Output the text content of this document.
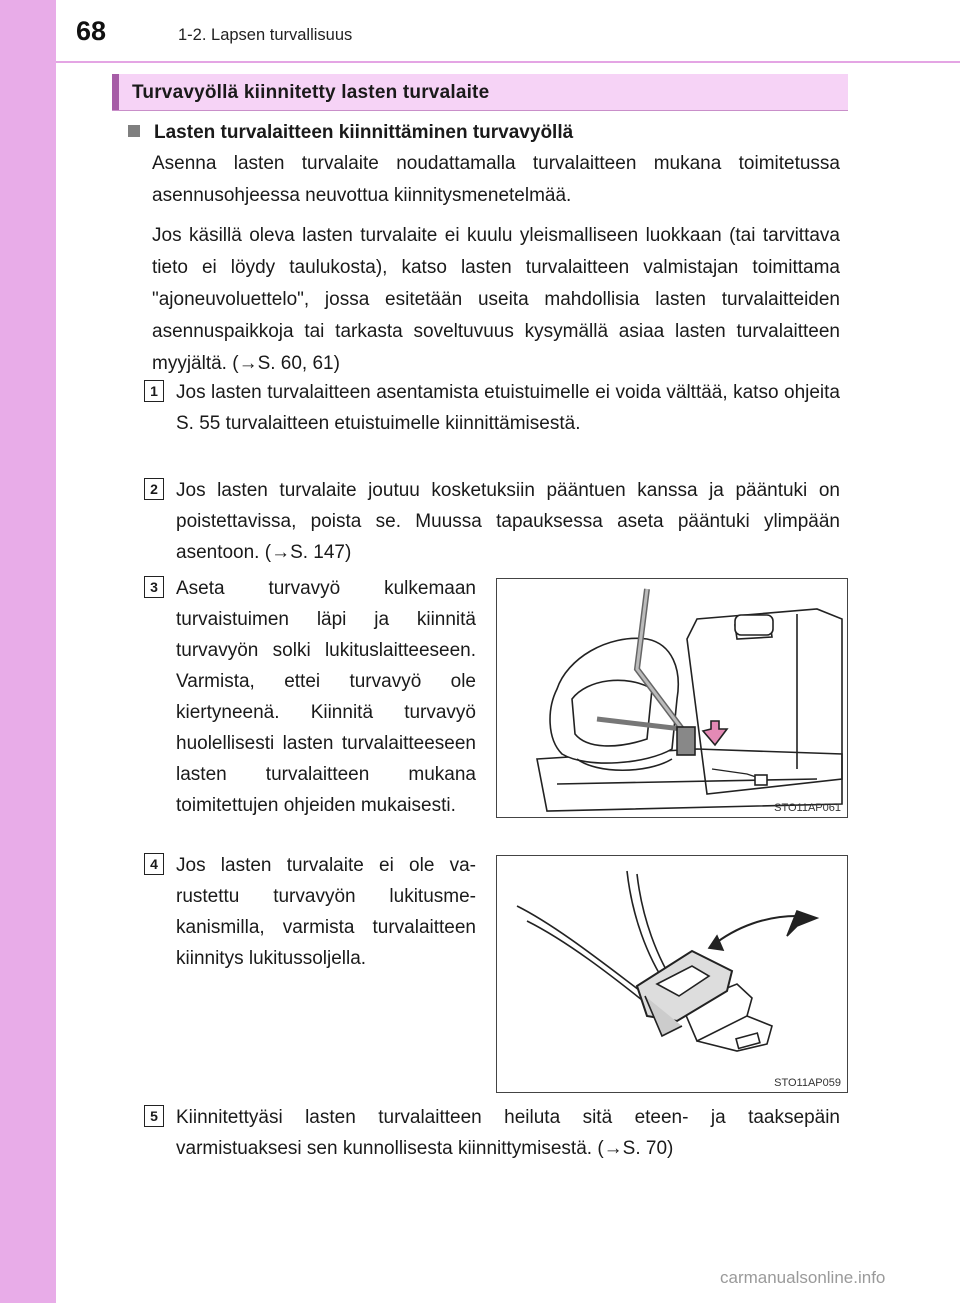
68	1-2. Lapsen turvallisuus
Turvavyöllä kiinnitetty lasten turvalaite
Lasten turvalaitteen kiinnittäminen turvavyöllä
Asenna lasten turvalaite noudattamalla turvalaitteen mukana toimitetussa asennusohjeessa neuvottua kiinnitysmenetelmää.
Jos käsillä oleva lasten turvalaite ei kuulu yleismalliseen luokkaan (tai tarvittava tieto ei löydy taulukosta), katso lasten turvalaitteen valmistajan toimittama "ajoneuvoluettelo", jossa esitetään useita mahdollisia lasten turvalaitteiden asennuspaikkoja tai tarkasta soveltuvuus kysymällä asiaa lasten turvalaitteen myyjältä. (→S. 60, 61)
1 Jos lasten turvalaitteen asentamista etuistuimelle ei voida välttää, katso ohjeita S. 55 turvalaitteen etuistuimelle kiinnittämisestä.
2 Jos lasten turvalaite joutuu kosketuksiin pääntuen kanssa ja pääntuki on poistettavissa, poista se. Muussa tapauksessa aseta pääntuki ylimpään asentoon. (→S. 147)
3 Aseta turvavyö kulkemaan turvaistuimen läpi ja kiinnitä turvavyön solki lukituslaitteeseen. Varmista, ettei turvavyö ole kiertyneenä. Kiinnitä turvavyö huolellisesti lasten turvalaitteeseen lasten turvalaitteen mukana toimitettujen ohjeiden mukaisesti.	STO11AP061
4 Jos lasten turvalaite ei ole varustettu turvavyön lukitusmekanismilla, varmista turvalaitteen kiinnitys lukitussoljella.
STO11AP059
5 Kiinnitettyäsi lasten turvalaitteen heiluta sitä eteen- ja taaksepäin varmistuaksesi sen kunnollisesta kiinnittymisestä. (→S. 70)
carmanualsonline.info
